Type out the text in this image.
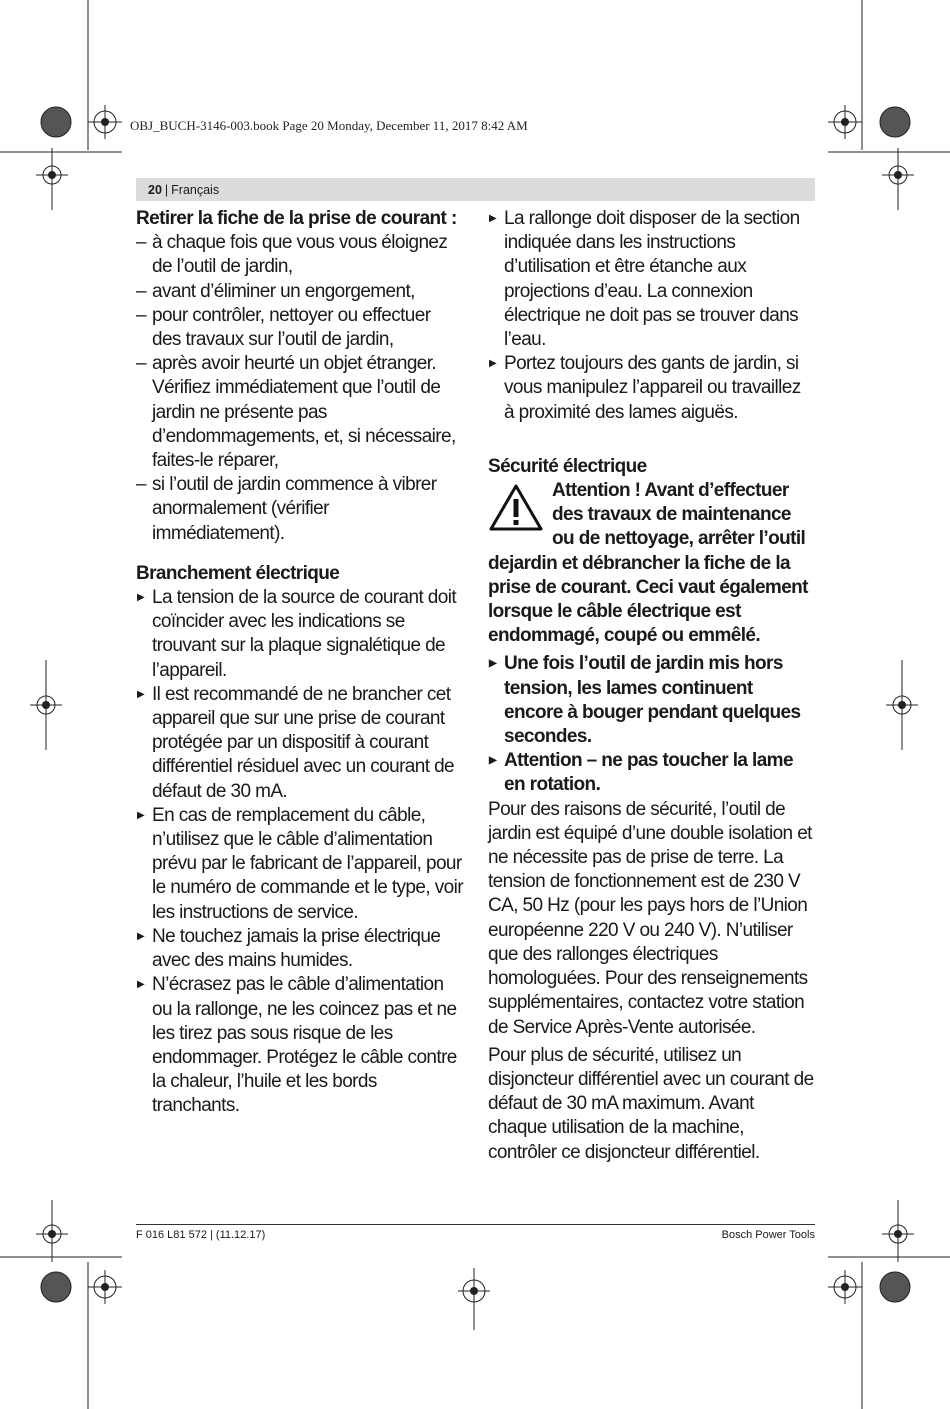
OBJ_BUCH-3146-003.book Page 20 Monday, December 11, 2017 8:42 AM
20 | Français

Retirer la fiche de la prise de courant :

– à chaque fois que vous vous éloignez de l’outil de jardin,

– avant d’éliminer un engorgement,

– pour contrôler, nettoyer ou effectuer des travaux sur l’outil de jardin,

– après avoir heurté un objet étranger. Vérifiez immédiatement que l’outil de jardin ne présente pas d’endommagements, et, si nécessaire, faites-le réparer,

– si l’outil de jardin commence à vibrer anormalement (vérifier immédiatement).

Branchement électrique

▶ La tension de la source de courant doit coïncider avec les indications se trouvant sur la plaque signalétique de l’appareil.

▶ Il est recommandé de ne brancher cet appareil que sur une prise de courant protégée par un dispositif à courant différentiel résiduel avec un courant de défaut de 30 mA.

▶ En cas de remplacement du câble, n’utilisez que le câble d’alimentation prévu par le fabricant de l’appareil, pour le numéro de commande et le type, voir les instructions de service.

▶ Ne touchez jamais la prise électrique avec des mains humides.

▶ N’écrasez pas le câble d’alimentation ou la rallonge, ne les coincez pas et ne les tirez pas sous risque de les endommager. Protégez le câble contre la chaleur, l’huile et les bords tranchants.

▶ La rallonge doit disposer de la section indiquée dans les instructions d’utilisation et être étanche aux projections d’eau. La connexion électrique ne doit pas se trouver dans l’eau.

▶ Portez toujours des gants de jardin, si vous manipulez l’appareil ou travaillez à proximité des lames aiguës.

Sécurité électrique

Attention ! Avant d’effectuer des travaux de maintenance ou de nettoyage, arrêter l’outil dejardin et débrancher la fiche de la prise de courant. Ceci vaut également lorsque le câble électrique est endommagé, coupé ou emmêlé.

▶ Une fois l’outil de jardin mis hors tension, les lames continuent encore à bouger pendant quelques secondes.

▶ Attention – ne pas toucher la lame en rotation.

Pour des raisons de sécurité, l’outil de jardin est équipé d’une double isolation et ne nécessite pas de prise de terre. La tension de fonctionnement est de 230 V CA, 50 Hz (pour les pays hors de l’Union européenne 220 V ou 240 V). N’utiliser que des rallonges électriques homologuées. Pour des renseignements supplémentaires, contactez votre station de Service Après-Vente autorisée.

Pour plus de sécurité, utilisez un disjoncteur différentiel avec un courant de défaut de 30 mA maximum. Avant chaque utilisation de la machine, contrôler ce disjoncteur différentiel.

F 016 L81 572 | (11.12.17)	Bosch Power Tools
